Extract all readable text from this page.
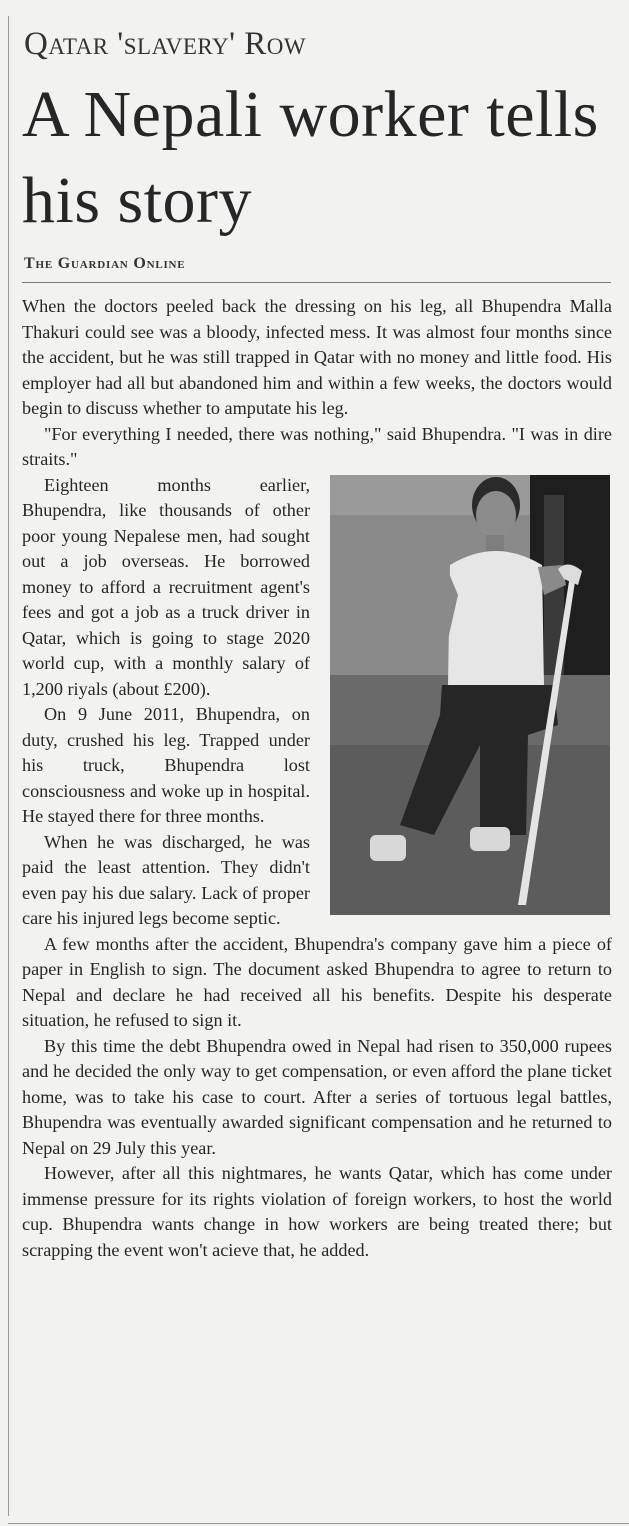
Qatar 'slavery' Row
A Nepali worker tells his story
The Guardian Online

When the doctors peeled back the dressing on his leg, all Bhupendra Malla Thakuri could see was a bloody, infected mess. It was almost four months since the accident, but he was still trapped in Qatar with no money and little food. His employer had all but abandoned him and within a few weeks, the doctors would begin to discuss whether to amputate his leg.

"For everything I needed, there was nothing," said Bhupendra. "I was in dire straits."

Eighteen months earlier, Bhupendra, like thousands of other poor young Nepalese men, had sought out a job overseas. He borrowed money to afford a recruitment agent's fees and got a job as a truck driver in Qatar, which is going to stage 2020 world cup, with a monthly salary of 1,200 riyals (about £200).

On 9 June 2011, Bhupendra, on duty, crushed his leg. Trapped under his truck, Bhupendra lost consciousness and woke up in hospital. He stayed there for three months.

When he was discharged, he was paid the least attention. They didn't even pay his due salary. Lack of proper care his injured legs become septic.

A few months after the accident, Bhupendra's company gave him a piece of paper in English to sign. The document asked Bhupendra to agree to return to Nepal and declare he had received all his benefits. Despite his desperate situation, he refused to sign it.

By this time the debt Bhupendra owed in Nepal had risen to 350,000 rupees and he decided the only way to get compensation, or even afford the plane ticket home, was to take his case to court. After a series of tortuous legal battles, Bhupendra was eventually awarded significant compensation and he returned to Nepal on 29 July this year.

However, after all this nightmares, he wants Qatar, which has come under immense pressure for its rights violation of foreign workers, to host the world cup. Bhupendra wants change in how workers are being treated there; but scrapping the event won't acieve that, he added.
